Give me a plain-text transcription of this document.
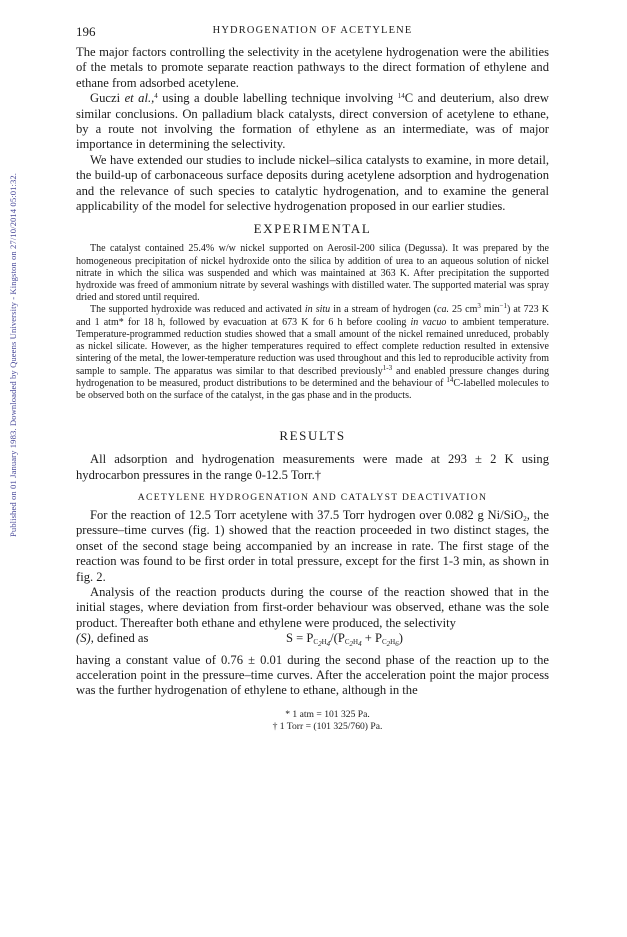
Published on 01 January 1983. Downloaded by Queens University - Kingston on 27/10/2014 05:01:32.
196	HYDROGENATION OF ACETYLENE

The major factors controlling the selectivity in the acetylene hydrogenation were the abilities of the metals to promote separate reaction pathways to the direct formation of ethylene and ethane from adsorbed acetylene.

Guczi et al.,$^4$ using a double labelling technique involving $^{14}$C and deuterium, also drew similar conclusions. On palladium black catalysts, direct conversion of acetylene to ethane, by a route not involving the formation of ethylene as an intermediate, was of major importance in determining the selectivity.

We have extended our studies to include nickel–silica catalysts to examine, in more detail, the build-up of carbonaceous surface deposits during acetylene adsorption and hydrogenation and the relevance of such species to catalytic hydrogenation, and to examine the general applicability of the model for selective hydrogenation proposed in our earlier studies.

EXPERIMENTAL

The catalyst contained 25.4% w/w nickel supported on Aerosil-200 silica (Degussa). It was prepared by the homogeneous precipitation of nickel hydroxide onto the silica by addition of urea to an aqueous solution of nickel nitrate in which the silica was suspended and which was maintained at 363 K. After precipitation the supported hydroxide was freed of ammonium nitrate by several washings with distilled water. The supported material was spray dried and stored until required.

The supported hydroxide was reduced and activated in situ in a stream of hydrogen (ca. 25 $cm^3$ $\min^{-1}$) at 723 K and 1 atm* for 18 h, followed by evacuation at 673 K for 6 h before cooling in vacuo to ambient temperature. Temperature-programmed reduction studies showed that a small amount of the nickel remained unreduced, probably as nickel silicate. However, as the higher temperatures required to effect complete reduction resulted in extensive sintering of the metal, the lower-temperature reduction was used throughout and this led to reproducible activity from sample to sample. The apparatus was similar to that described previously$^{1-3}$ and enabled pressure changes during hydrogenation to be measured, product distributions to be determined and the behaviour of $^{14}$C-labelled molecules to be observed both on the surface of the catalyst, in the gas phase and in the products.

RESULTS

All adsorption and hydrogenation measurements were made at 293 ± 2 K using hydrocarbon pressures in the range 0-12.5 Torr.†

ACETYLENE HYDROGENATION AND CATALYST DEACTIVATION

For the reaction of 12.5 Torr acetylene with 37.5 Torr hydrogen over 0.082 g Ni/SiO$_2$, the pressure–time curves (fig. 1) showed that the reaction proceeded in two distinct stages, the onset of the second stage being accompanied by an increase in rate. The first stage of the reaction was found to be first order in total pressure, except for the first 1-3 min, as shown in fig. 2.

Analysis of the reaction products during the course of the reaction showed that in the initial stages, where deviation from first-order behaviour was observed, ethane was the sole product. Thereafter both ethane and ethylene were produced, the selectivity

(S), defined as	$S = P_{C_2H_4}/(P_{C_2H_4} + P_{C_2H_6})$

having a constant value of 0.76 ± 0.01 during the second phase of the reaction up to the acceleration point in the pressure–time curves. After the acceleration point the major process was the further hydrogenation of ethylene to ethane, although in the

* 1 atm = 101 325 Pa.
† 1 Torr = (101 325/760) Pa.
